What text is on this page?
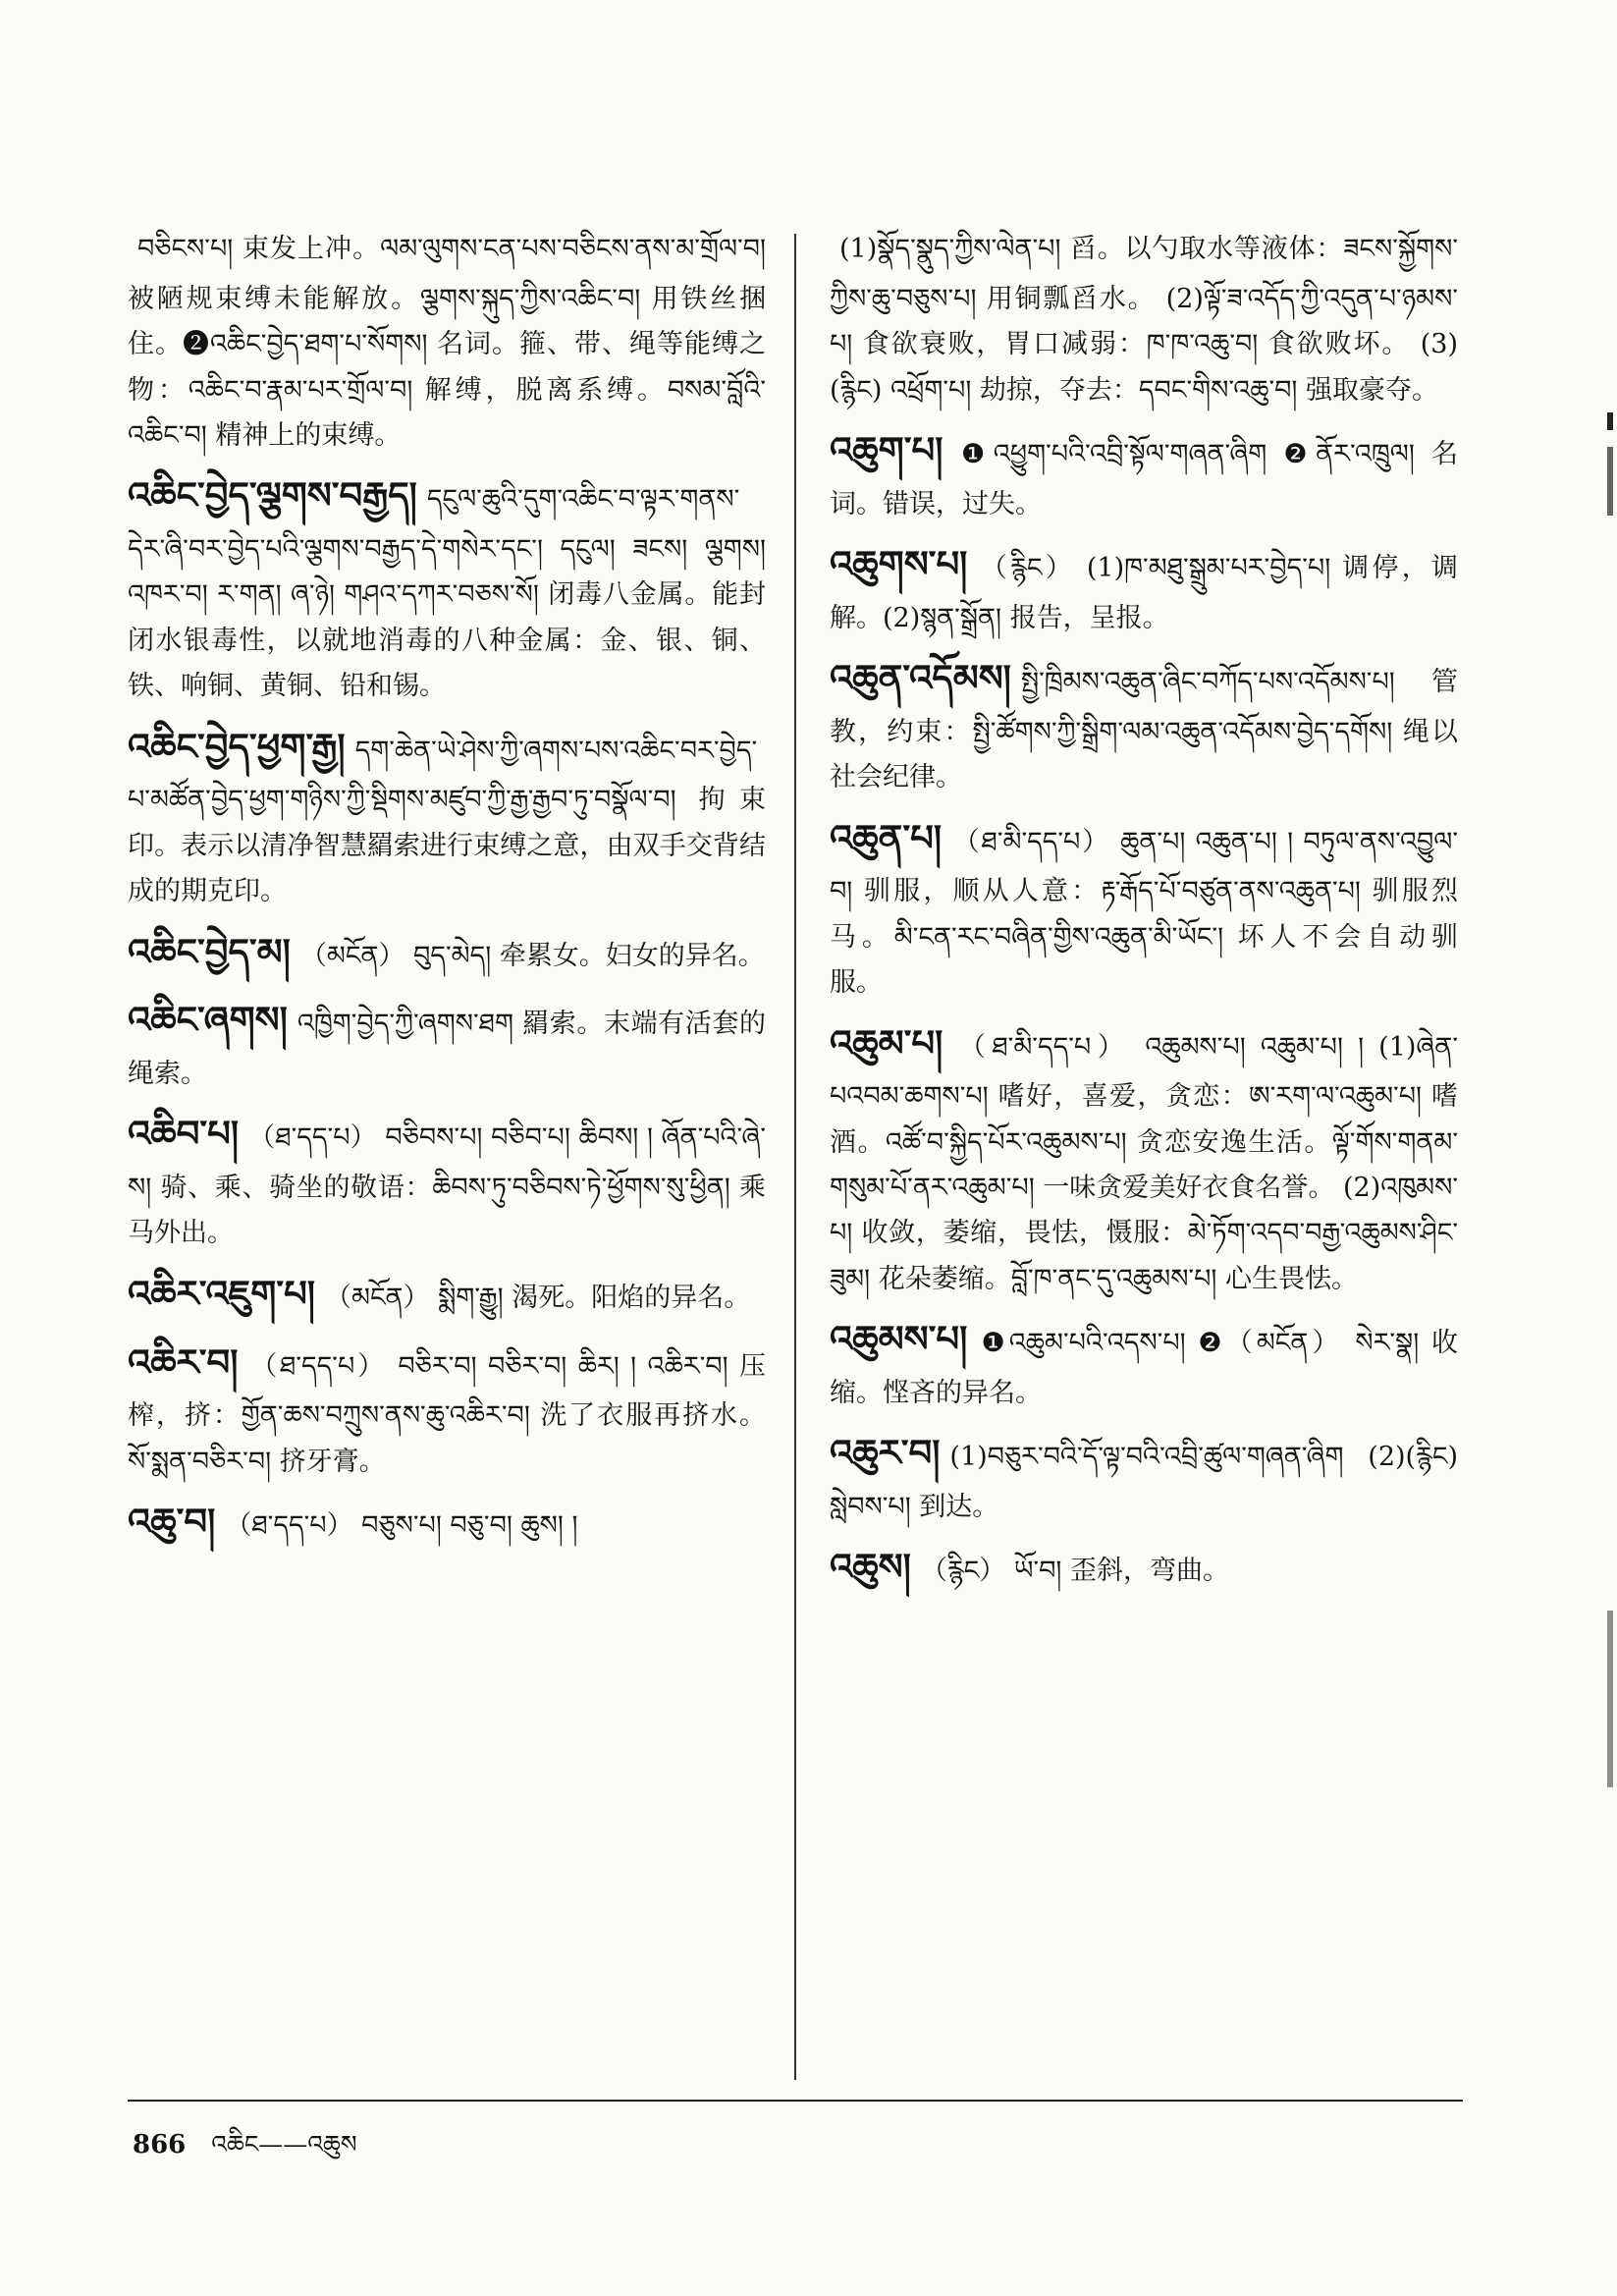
བཅིངས་པ། 束发上冲。ལམ་ལུགས་ངན་པས་བཅིངས་ནས་མ་གྲོལ་བ། 被陋规束缚未能解放。ལྕགས་སྐུད་ཀྱིས་འཆིང་བ། 用铁丝捆住。❷འཆིང་བྱེད་ཐག་པ་སོགས། 名词。箍、带、绳等能缚之物：འཆིང་བ་རྣམ་པར་གྲོལ་བ། 解缚，脱离系缚。བསམ་བློའི་འཆིང་བ། 精神上的束缚。
འཆིང་བྱེད་ལྕགས་བརྒྱད། དངུལ་ཆུའི་དུག་འཆིང་བ་ལྟར་གནས་དེར་ཞི་བར་བྱེད་པའི་ལྕགས་བརྒྱད་དེ་གསེར་དང་། དངུལ། ཟངས། ལྕགས། འཁར་བ། ར་གན། ཞ་ཉེ། གཤའ་དཀར་བཅས་སོ། 闭毒八金属。能封闭水银毒性，以就地消毒的八种金属：金、银、铜、铁、响铜、黄铜、铅和锡。
འཆིང་བྱེད་ཕྱག་རྒྱ། དག་ཆེན་ཡེ་ཤེས་ཀྱི་ཞགས་པས་འཆིང་བར་བྱེད་པ་མཚོན་བྱེད་ཕྱག་གཉིས་ཀྱི་སྡིགས་མཛུབ་ཀྱི་རྒྱ་རྒྱབ་ཏུ་བསྣོལ་བ། 拘束印。表示以清净智慧羂索进行束缚之意，由双手交背结成的期克印。
འཆིང་བྱེད་མ། （མངོན） བུད་མེད། 牵累女。妇女的异名。
འཆིང་ཞགས། འཁྱིག་བྱེད་ཀྱི་ཞགས་ཐག 羂索。末端有活套的绳索。
འཆིབ་པ། （ཐ་དད་པ） བཅིབས་པ། བཅིབ་པ། ཆིབས། ། ཞོན་པའི་ཞེ་ས། 骑、乘、骑坐的敬语：ཆིབས་ཏུ་བཅིབས་ཏེ་ཕྱོགས་སུ་ཕྱིན། 乘马外出。
འཆིར་འཇུག་པ། （མངོན） སྨིག་རྒྱུ། 渴死。阳焰的异名。
འཆིར་བ། （ཐ་དད་པ） བཅིར་བ། བཅིར་བ། ཆིར། ། འཆིར་བ། 压榨，挤：གྱོན་ཆས་བཀྲུས་ནས་ཆུ་འཆིར་བ། 洗了衣服再挤水。སོ་སྨན་བཅིར་བ། 挤牙膏。
འཆུ་བ། （ཐ་དད་པ） བཅུས་པ། བཅུ་བ། ཆུས། །
(1)སྣོད་སྣུད་ཀྱིས་ལེན་པ། 舀。以勺取水等液体：ཟངས་སྐྱོགས་ཀྱིས་ཆུ་བཅུས་པ། 用铜瓢舀水。 (2)ལྟོ་ཟ་འདོད་ཀྱི་འདུན་པ་ཉམས་པ། 食欲衰败，胃口减弱：ཁ་ཁ་འཆུ་བ། 食欲败坏。 (3)(རྙིང) འཕྲོག་པ། 劫掠，夺去：དབང་གིས་འཆུ་བ། 强取豪夺。
འཆུག་པ། ❶འཕྱུག་པའི་འབྲི་སྟོལ་གཞན་ཞིག ❷ནོར་འཁྲུལ། 名词。错误，过失。
འཆུགས་པ། （རྙིང） (1)ཁ་མཐུ་སྒྲུམ་པར་བྱེད་པ། 调停，调解。(2)སྙན་སྒྲོན། 报告，呈报。
འཆུན་འདོམས། སྤྱི་ཁྲིམས་འཆུན་ཞིང་བཀོད་པས་འདོམས་པ། 管教，约束：སྤྱི་ཚོགས་ཀྱི་སྒྲིག་ལམ་འཆུན་འདོམས་བྱེད་དགོས། 绳以社会纪律。
འཆུན་པ། （ཐ་མི་དད་པ） ཆུན་པ། འཆུན་པ། ། བཏུལ་ནས་འབྱུལ་བ། 驯服，顺从人意：རྟ་རྒོད་པོ་བཙུན་ནས་འཆུན་པ། 驯服烈马。མི་ངན་རང་བཞིན་གྱིས་འཆུན་མི་ཡོང་། 坏人不会自动驯服。
འཆུམ་པ། （ཐ་མི་དད་པ） འཆུམས་པ། འཆུམ་པ། ། (1)ཞེན་པའབམ་ཆགས་པ། 嗜好，喜爱，贪恋：ཨ་རག་ལ་འཆུམ་པ། 嗜酒。འཚོ་བ་སྐྱིད་པོར་འཆུམས་པ། 贪恋安逸生活。ལྟོ་གོས་གནམ་གསུམ་པོ་ནར་འཆུམ་པ། 一味贪爱美好衣食名誉。 (2)འཁུམས་པ། 收敛，萎缩，畏怯，慑服：མེ་ཏོག་འདབ་བརྒྱ་འཆུམས་ཤིང་ཟུམ། 花朵萎缩。བློ་ཁ་ནང་དུ་འཆུམས་པ། 心生畏怯。
འཆུམས་པ། ❶འཆུམ་པའི་འདས་པ། ❷（མངོན） སེར་སྣ། 收缩。悭吝的异名。
འཆུར་བ། (1)བཅུར་བའི་དོ་ལྟ་བའི་འབྲི་ཚུལ་གཞན་ཞིག (2)(རྙིང) སླེབས་པ། 到达。
འཆུས། （རྙིང） ཡོ་བ། 歪斜，弯曲。
866 འཆིང——འཆུས
